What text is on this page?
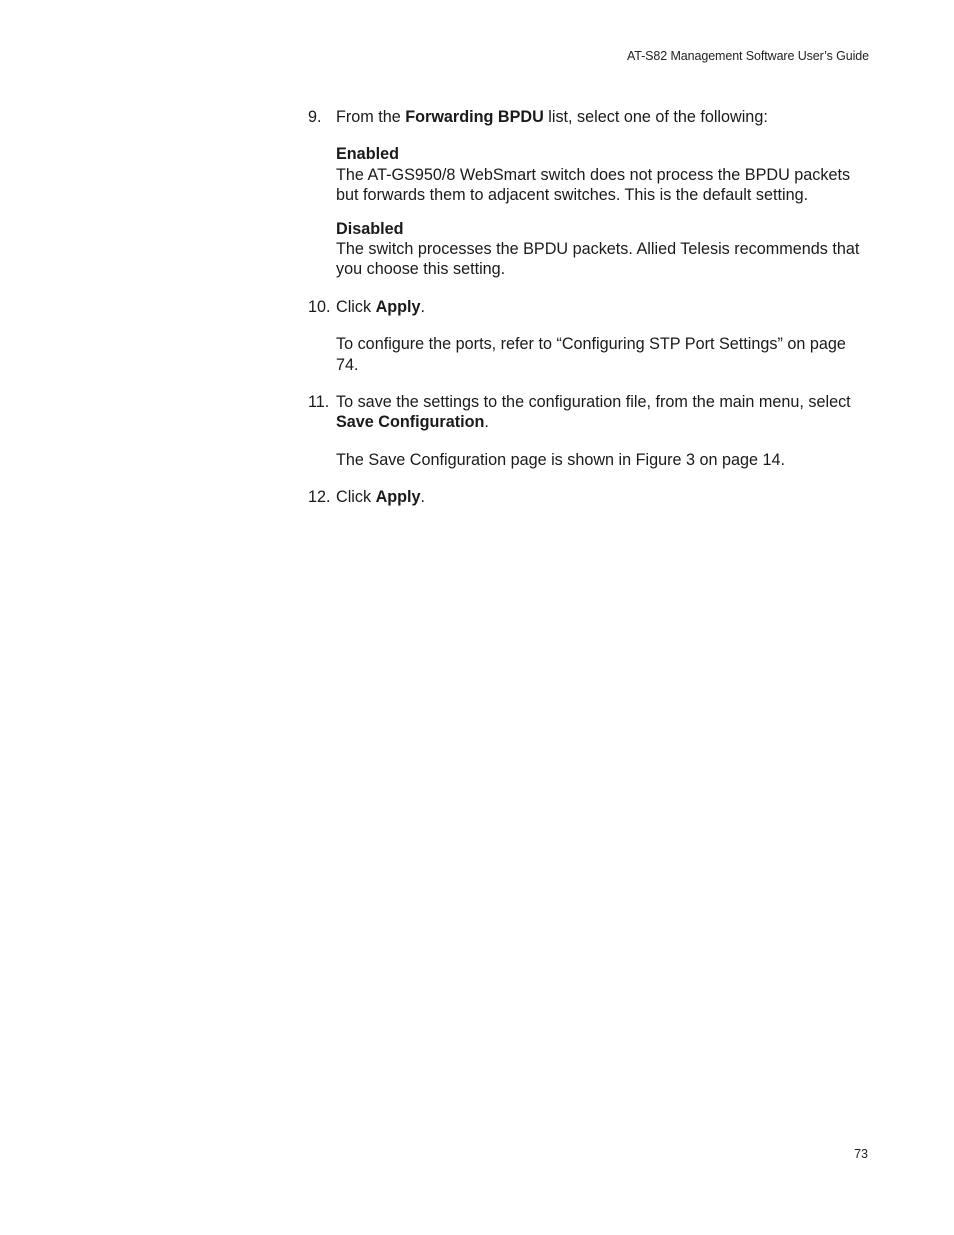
AT-S82 Management Software User’s Guide
9. From the Forwarding BPDU list, select one of the following:

Enabled

The AT-GS950/8 WebSmart switch does not process the BPDU packets but forwards them to adjacent switches. This is the default setting.

Disabled

The switch processes the BPDU packets. Allied Telesis recommends that you choose this setting.

10. Click Apply.

To configure the ports, refer to “Configuring STP Port Settings” on page 74.

11. To save the settings to the configuration file, from the main menu, select Save Configuration.

The Save Configuration page is shown in Figure 3 on page 14.

12. Click Apply.

73
